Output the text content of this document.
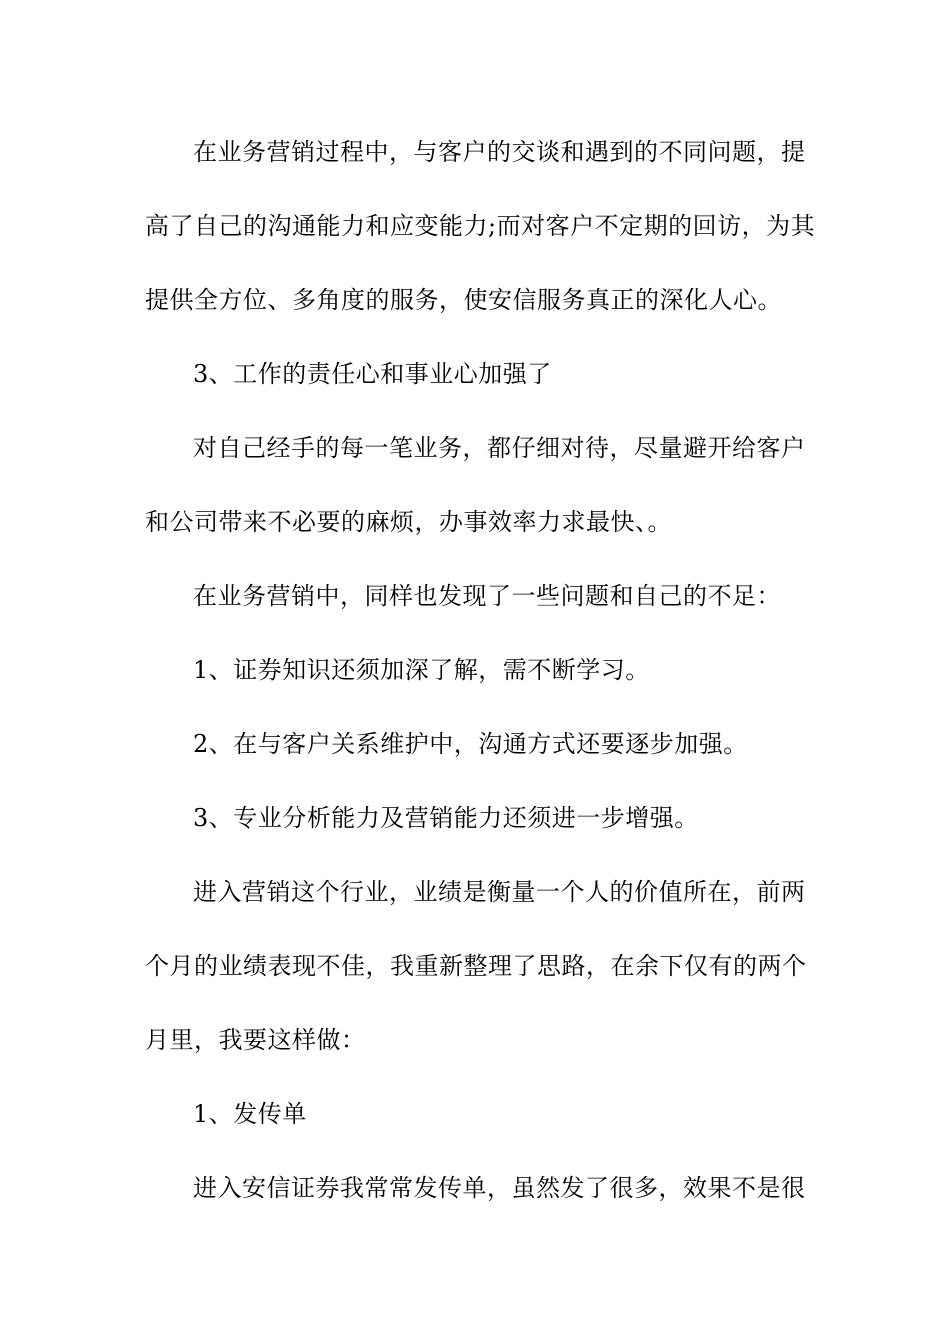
在业务营销过程中，与客户的交谈和遇到的不同问题，提
高了自己的沟通能力和应变能力;而对客户不定期的回访，为其
提供全方位、多角度的服务，使安信服务真正的深化人心。
3、工作的责任心和事业心加强了
对自己经手的每一笔业务，都仔细对待，尽量避开给客户
和公司带来不必要的麻烦，办事效率力求最快、。
在业务营销中，同样也发现了一些问题和自己的不足：
1、证券知识还须加深了解，需不断学习。
2、在与客户关系维护中，沟通方式还要逐步加强。
3、专业分析能力及营销能力还须进一步增强。
进入营销这个行业，业绩是衡量一个人的价值所在，前两
个月的业绩表现不佳，我重新整理了思路，在余下仅有的两个
月里，我要这样做：
1、发传单
进入安信证券我常常发传单，虽然发了很多，效果不是很
